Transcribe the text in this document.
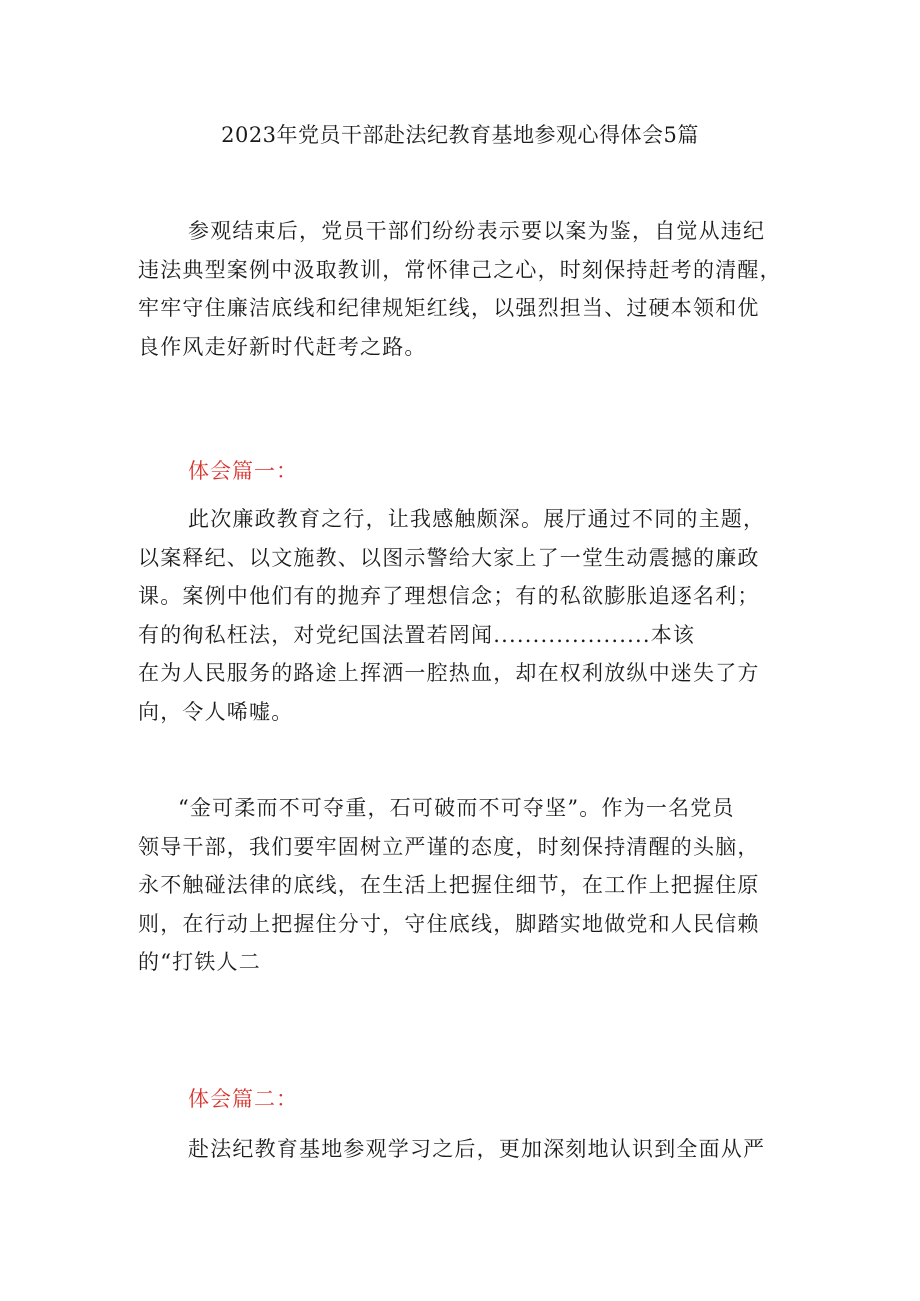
2023年党员干部赴法纪教育基地参观心得体会5篇

参观结束后，党员干部们纷纷表示要以案为鉴，自觉从违纪
违法典型案例中汲取教训，常怀律己之心，时刻保持赶考的清醒，
牢牢守住廉洁底线和纪律规矩红线，以强烈担当、过硬本领和优
良作风走好新时代赶考之路。

体会篇一：

此次廉政教育之行，让我感触颇深。展厅通过不同的主题，
以案释纪、以文施教、以图示警给大家上了一堂生动震撼的廉政
课。案例中他们有的抛弃了理想信念；有的私欲膨胀追逐名利；
有的徇私枉法，对党纪国法置若罔闻....................本该
在为人民服务的路途上挥洒一腔热血，却在权利放纵中迷失了方
向，令人唏嘘。

“金可柔而不可夺重，石可破而不可夺坚”。作为一名党员
领导干部，我们要牢固树立严谨的态度，时刻保持清醒的头脑，
永不触碰法律的底线，在生活上把握住细节，在工作上把握住原
则，在行动上把握住分寸，守住底线，脚踏实地做党和人民信赖
的“打铁人二

体会篇二：

赴法纪教育基地参观学习之后，更加深刻地认识到全面从严
